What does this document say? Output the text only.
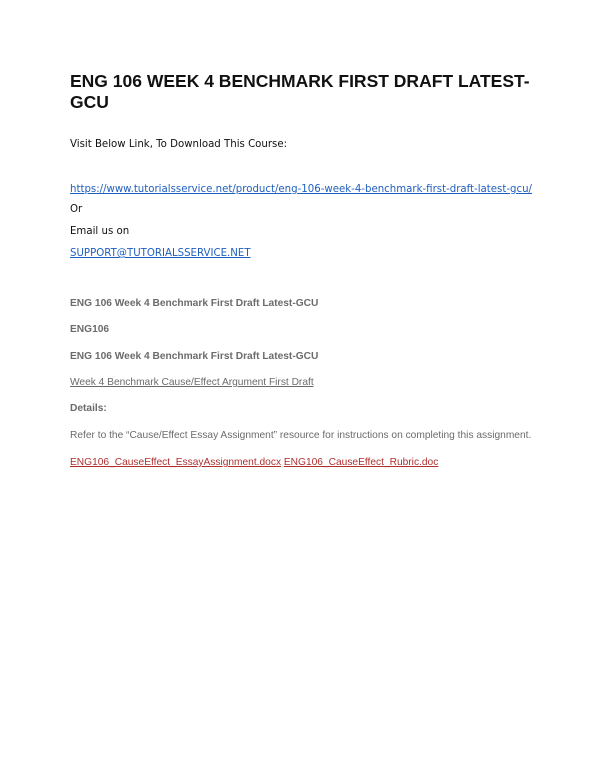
ENG 106 WEEK 4 BENCHMARK FIRST DRAFT LATEST-GCU
Visit Below Link, To Download This Course:
https://www.tutorialsservice.net/product/eng-106-week-4-benchmark-first-draft-latest-gcu/
Or
Email us on
SUPPORT@TUTORIALSSERVICE.NET
ENG 106 Week 4 Benchmark First Draft Latest-GCU
ENG106
ENG 106 Week 4 Benchmark First Draft Latest-GCU
Week 4 Benchmark Cause/Effect Argument First Draft
Details:
Refer to the “Cause/Effect Essay Assignment” resource for instructions on completing this assignment.
ENG106_CauseEffect_EssayAssignment.docx ENG106_CauseEffect_Rubric.doc
